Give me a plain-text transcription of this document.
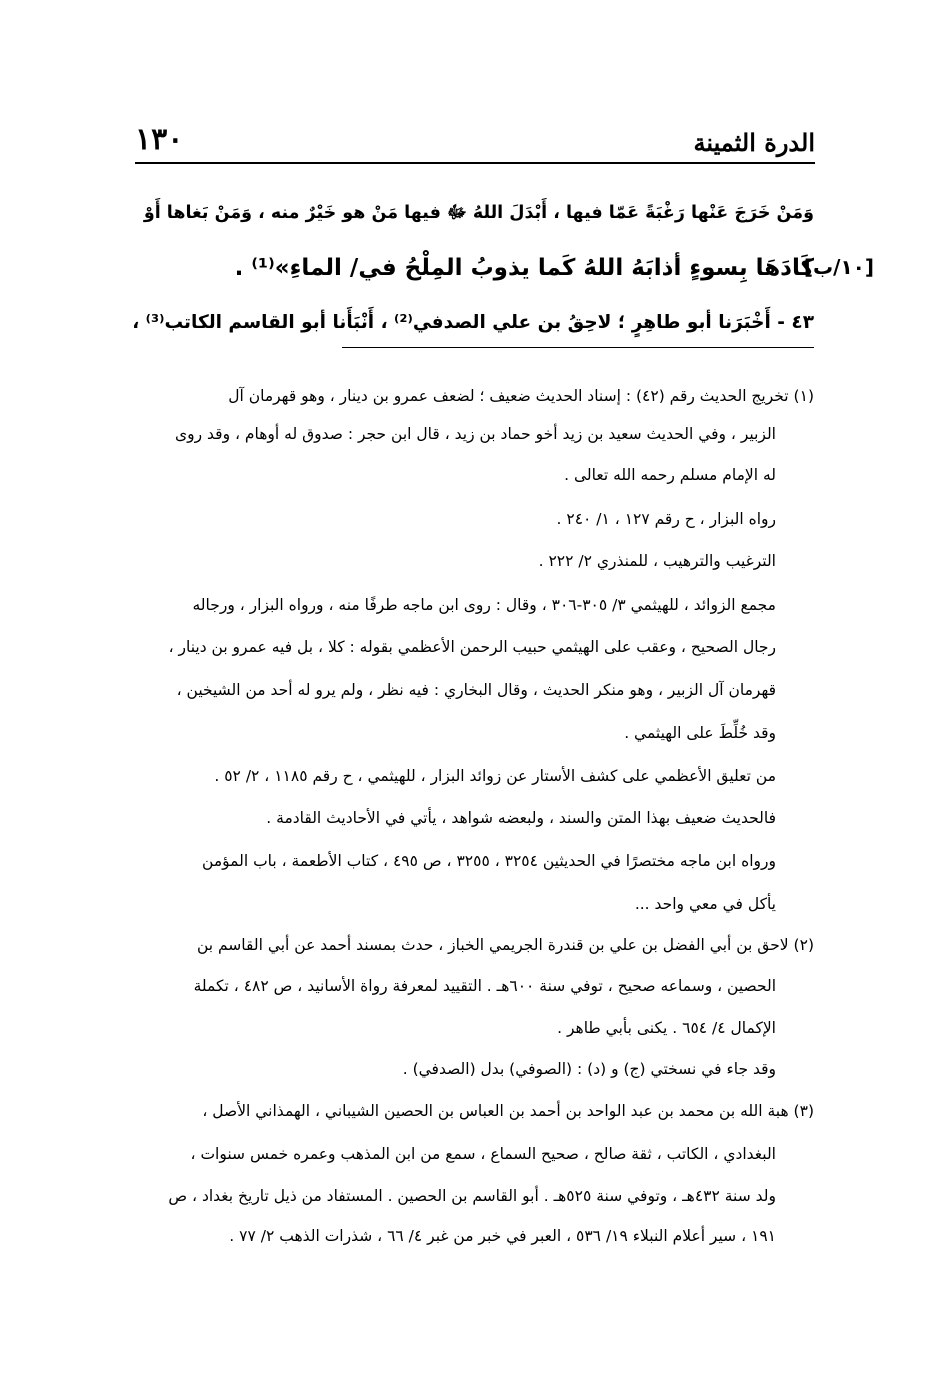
١٣٠	الدرة الثمينة
وَمَنْ خَرَجَ عَنْها رَغْبَةً عَمّا فيها ، أَبْدَلَ اللهُ ﷻ فيها مَنْ هو خَيْرٌ منه ، وَمَنْ بَغاها أَوْ
كَادَهَا بِسوءٍ أذابَهُ اللهُ كَما يذوبُ المِلْحُ في/ الماءِ»⁽¹⁾ .
٤٣ - أَخْبَرَنا أبو طاهِرٍ ؛ لاحِقُ بن علي الصدفي⁽²⁾ ، أَنْبَأَنا أبو القاسم الكاتب⁽³⁾ ،
[١٠/ب]
(١) تخريج الحديث رقم (٤٢) : إسناد الحديث ضعيف ؛ لضعف عمرو بن دينار ، وهو قهرمان آل
الزبير ، وفي الحديث سعيد بن زيد أخو حماد بن زيد ، قال ابن حجر : صدوق له أوهام ، وقد روى
له الإمام مسلم رحمه الله تعالى .
رواه البزار ، ح رقم ١٢٧ ، ١/ ٢٤٠ .
الترغيب والترهيب ، للمنذري ٢/ ٢٢٢ .
مجمع الزوائد ، للهيثمي ٣/ ٣٠٥-٣٠٦ ، وقال : روى ابن ماجه طرفًا منه ، ورواه البزار ، ورجاله
رجال الصحيح ، وعقب على الهيثمي حبيب الرحمن الأعظمي بقوله : كلا ، بل فيه عمرو بن دينار ،
قهرمان آل الزبير ، وهو منكر الحديث ، وقال البخاري : فيه نظر ، ولم يرو له أحد من الشيخين ،
وقد خُلِّطَ على الهيثمي .
من تعليق الأعظمي على كشف الأستار عن زوائد البزار ، للهيثمي ، ح رقم ١١٨٥ ، ٢/ ٥٢ .
فالحديث ضعيف بهذا المتن والسند ، ولبعضه شواهد ، يأتي في الأحاديث القادمة .
ورواه ابن ماجه مختصرًا في الحديثين ٣٢٥٤ ، ٣٢٥٥ ، ص ٤٩٥ ، كتاب الأطعمة ، باب المؤمن
يأكل في معي واحد ...
(٢) لاحق بن أبي الفضل بن علي بن قندرة الجريمي الخباز ، حدث بمسند أحمد عن أبي القاسم بن
الحصين ، وسماعه صحيح ، توفي سنة ٦٠٠هـ . التقييد لمعرفة رواة الأسانيد ، ص ٤٨٢ ، تكملة
الإكمال ٤/ ٦٥٤ . يكنى بأبي طاهر .
وقد جاء في نسختي (ج) و (د) : (الصوفي) بدل (الصدفي) .
(٣) هبة الله بن محمد بن عبد الواحد بن أحمد بن العباس بن الحصين الشيباني ، الهمذاني الأصل ،
البغدادي ، الكاتب ، ثقة صالح ، صحيح السماع ، سمع من ابن المذهب وعمره خمس سنوات ،
ولد سنة ٤٣٢هـ ، وتوفي سنة ٥٢٥هـ . أبو القاسم بن الحصين . المستفاد من ذيل تاريخ بغداد ، ص
١٩١ ، سير أعلام النبلاء ١٩/ ٥٣٦ ، العبر في خبر من غبر ٤/ ٦٦ ، شذرات الذهب ٢/ ٧٧ .
